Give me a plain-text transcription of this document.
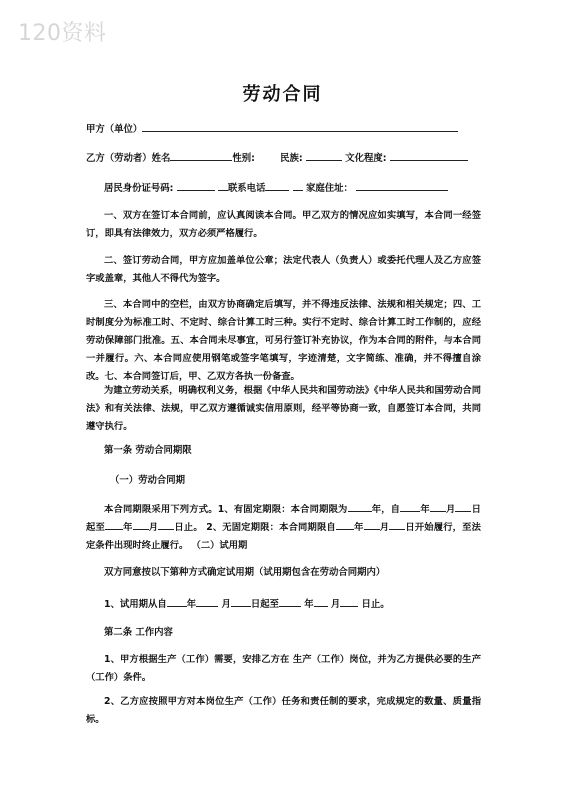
120资料
劳动合同
甲方（单位）
乙方（劳动者）姓名	性别:	民族:	文化程度:
居民身份证号码:	联系电话	家庭住址：

一、双方在签订本合同前，应认真阅读本合同。甲乙双方的情况应如实填写，本合同一经签订，即具有法律效力，双方必须严格履行。

二、签订劳动合同，甲方应加盖单位公章；法定代表人（负责人）或委托代理人及乙方应签字或盖章，其他人不得代为签字。

三、本合同中的空栏，由双方协商确定后填写，并不得违反法律、法规和相关规定；四、工时制度分为标准工时、不定时、综合计算工时三种。实行不定时、综合计算工时工作制的，应经劳动保障部门批准。五、本合同未尽事宜，可另行签订补充协议，作为本合同的附件，与本合同一并履行。六、本合同应使用钢笔或签字笔填写，字迹清楚，文字简练、准确，并不得擅自涂改。七、本合同签订后，甲、乙双方各执一份备查。

为建立劳动关系，明确权利义务，根据《中华人民共和国劳动法》《中华人民共和国劳动合同法》和有关法律、法规，甲乙双方遵循诚实信用原则，经平等协商一致，自愿签订本合同，共同遵守执行。

第一条 劳动合同期限
（一）劳动合同期

本合同期限采用下列方式。1、有固定期限：本合同期限为	年，自 年 月 日起至 年 月 日止。 2、无固定期限：本合同期限自 年 月 日开始履行，至法定条件出现时终止履行。 （二）试用期

双方同意按以下第种方式确定试用期（试用期包含在劳动合同期内）
1、试用期从自 年	月 日起至	年 月 日止。
第二条 工作内容

1、甲方根据生产（工作）需要，安排乙方在 生产（工作）岗位，并为乙方提供必要的生产（工作）条件。

2、乙方应按照甲方对本岗位生产（工作）任务和责任制的要求，完成规定的数量、质量指标。
